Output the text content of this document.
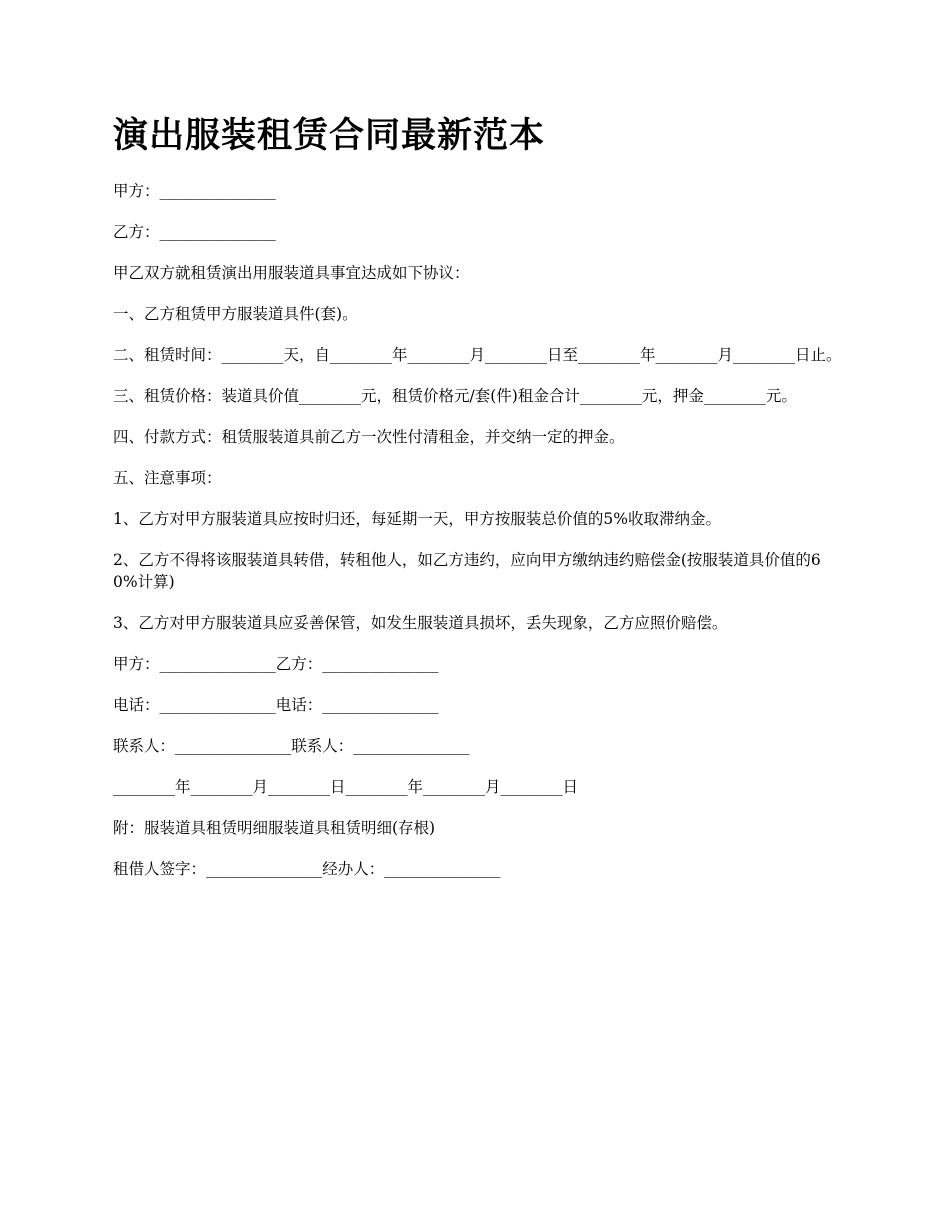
演出服装租赁合同最新范本

甲方：_______________

乙方：_______________

甲乙双方就租赁演出用服装道具事宜达成如下协议：

一、乙方租赁甲方服装道具件(套)。

二、租赁时间：________天，自________年________月________日至________年________月________日止。

三、租赁价格：装道具价值________元，租赁价格元/套(件)租金合计________元，押金________元。

四、付款方式：租赁服装道具前乙方一次性付清租金，并交纳一定的押金。

五、注意事项：

1、乙方对甲方服装道具应按时归还，每延期一天，甲方按服装总价值的5%收取滞纳金。

2、乙方不得将该服装道具转借，转租他人，如乙方违约，应向甲方缴纳违约赔偿金(按服装道具价值的60%计算)

3、乙方对甲方服装道具应妥善保管，如发生服装道具损坏，丢失现象，乙方应照价赔偿。

甲方：_______________乙方：_______________

电话：_______________电话：_______________

联系人：_______________联系人：_______________

________年________月________日________年________月________日

附：服装道具租赁明细服装道具租赁明细(存根)

租借人签字：_______________经办人：_______________
